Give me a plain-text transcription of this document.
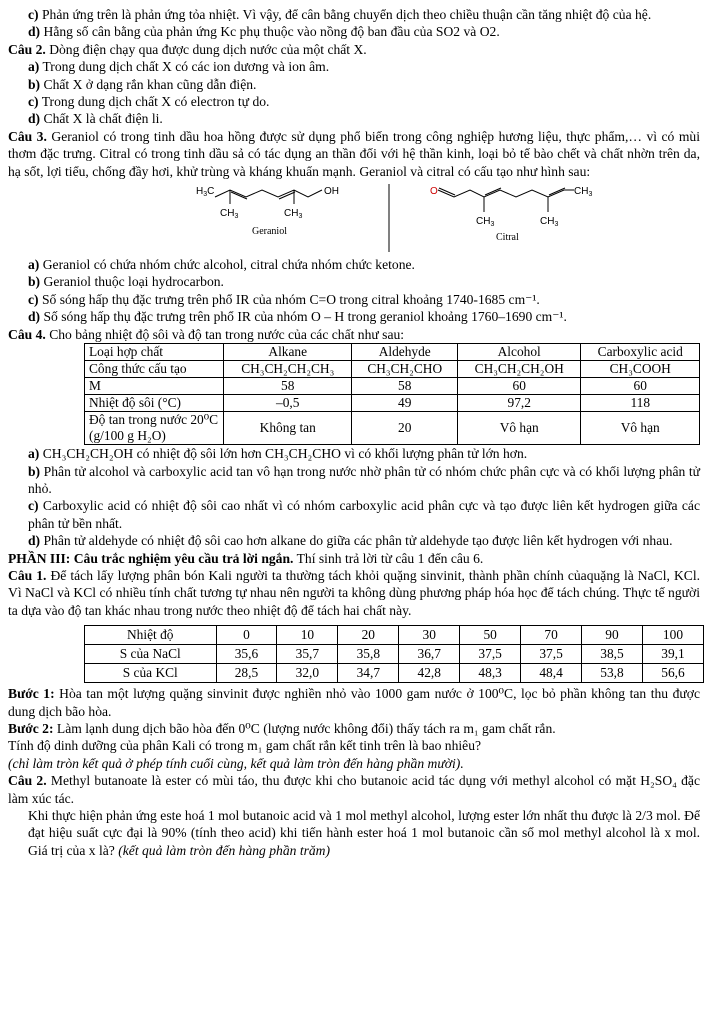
c) Phản ứng trên là phản ứng tỏa nhiệt. Vì vậy, để cân bằng chuyển dịch theo chiều thuận cần tăng nhiệt độ của hệ.

d) Hằng số cân bằng của phản ứng Kc phụ thuộc vào nồng độ ban đầu của SO2 và O2.

Câu 2. Dòng điện chạy qua được dung dịch nước của một chất X.

a) Trong dung dịch chất X có các ion dương và ion âm.

b) Chất X ở dạng rắn khan cũng dẫn điện.

c) Trong dung dịch chất X có electron tự do.

d) Chất X là chất điện li.

Câu 3. Geraniol có trong tinh dầu hoa hồng được sử dụng phổ biến trong công nghiệp hương liệu, thực phẩm,… vì có mùi thơm đặc trưng. Citral có trong tinh dầu sả có tác dụng an thần đối với hệ thần kinh, loại bỏ tế bào chết và chất nhờn trên da, hạ sốt, lợi tiểu, chống đầy hơi, khử trùng và kháng khuẩn mạnh. Geraniol và citral có cấu tạo như hình sau:

$H_3C$	OH
$CH_3$	$CH_3$
Geraniol
O	$CH_3$
$CH_3$	$CH_3$
Citral

a) Geraniol có chứa nhóm chức alcohol, citral chứa nhóm chức ketone.

b) Geraniol thuộc loại hydrocarbon.

c) Số sóng hấp thụ đặc trưng trên phổ IR của nhóm C=O trong citral khoảng 1740-1685 cm⁻¹.

d) Số sóng hấp thụ đặc trưng trên phổ IR của nhóm O – H trong geraniol khoảng 1760–1690 cm⁻¹.

Câu 4. Cho bảng nhiệt độ sôi và độ tan trong nước của các chất như sau:

Loại hợp chất	Alkane	Aldehyde	Alcohol	Carboxylic acid
Công thức cấu tạo	CH₃CH₂CH₂CH₃	CH₃CH₂CHO	CH₃CH₂CH₂OH	CH₃COOH
M	58	58	60	60
Nhiệt độ sôi (°C)	–0,5	49	97,2	118
Độ tan trong nước 20⁰C (g/100 g H₂O)	Không tan	20	Vô hạn	Vô hạn

a) CH₃CH₂CH₂OH có nhiệt độ sôi lớn hơn CH₃CH₂CHO vì có khối lượng phân tử lớn hơn.

b) Phân tử alcohol và carboxylic acid tan vô hạn trong nước nhờ phân tử có nhóm chức phân cực và có khối lượng phân tử nhỏ.

c) Carboxylic acid có nhiệt độ sôi cao nhất vì có nhóm carboxylic acid phân cực và tạo được liên kết hydrogen giữa các phân tử bền nhất.

d) Phân tử aldehyde có nhiệt độ sôi cao hơn alkane do giữa các phân tử aldehyde tạo được liên kết hydrogen với nhau.

PHẦN III: Câu trắc nghiệm yêu cầu trả lời ngắn. Thí sinh trả lời từ câu 1 đến câu 6.

Câu 1. Để tách lấy lượng phân bón Kali người ta thường tách khỏi quặng sinvinit, thành phần chính củaquặng là NaCl, KCl. Vì NaCl và KCl có nhiều tính chất tương tự nhau nên người ta không dùng phương pháp hóa học để tách chúng. Thực tế người ta dựa vào độ tan khác nhau trong nước theo nhiệt độ để tách hai chất này.

Nhiệt độ	0	10	20	30	50	70	90	100
S của NaCl	35,6	35,7	35,8	36,7	37,5	37,5	38,5	39,1
S của KCl	28,5	32,0	34,7	42,8	48,3	48,4	53,8	56,6

Bước 1: Hòa tan một lượng quặng sinvinit được nghiền nhỏ vào 1000 gam nước ở 100⁰C, lọc bỏ phần không tan thu được dung dịch bão hòa.

Bước 2: Làm lạnh dung dịch bão hòa đến 0⁰C (lượng nước không đổi) thấy tách ra m₁ gam chất rắn.

Tính độ dinh dưỡng của phân Kali có trong m₁ gam chất rắn kết tinh trên là bao nhiêu?

(chỉ làm tròn kết quả ở phép tính cuối cùng, kết quả làm tròn đến hàng phần mười).

Câu 2. Methyl butanoate là ester có mùi táo, thu được khi cho butanoic acid tác dụng với methyl alcohol có mặt H₂SO₄ đặc làm xúc tác.

Khi thực hiện phản ứng este hoá 1 mol butanoic acid và 1 mol methyl alcohol, lượng ester lớn nhất thu được là 2/3 mol. Để đạt hiệu suất cực đại là 90% (tính theo acid) khi tiến hành ester hoá 1 mol butanoic cần số mol methyl alcohol là x mol. Giá trị của x là? (kết quả làm tròn đến hàng phần trăm)
